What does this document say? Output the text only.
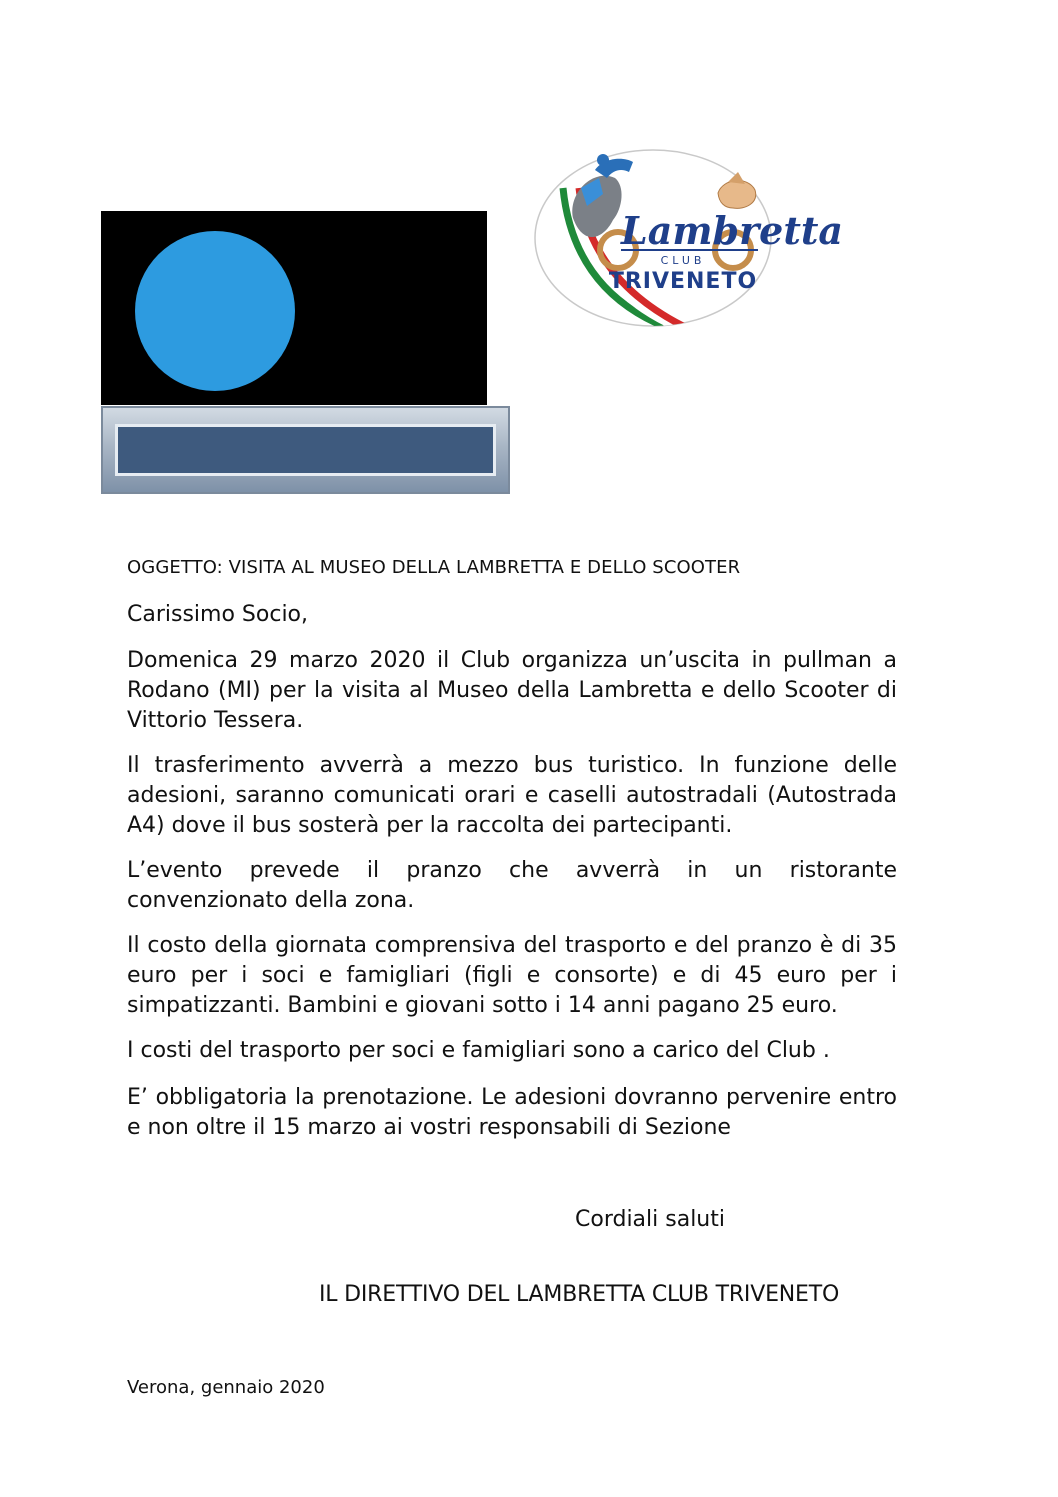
Lambretta
CLUB
TRIVENETO
OGGETTO: VISITA AL MUSEO DELLA LAMBRETTA E DELLO SCOOTER

Carissimo Socio,

Domenica 29 marzo 2020 il Club organizza un’uscita in pullman a Rodano (MI) per la visita al Museo della Lambretta e dello Scooter di Vittorio Tessera.

Il trasferimento avverrà a mezzo bus turistico. In funzione delle adesioni, saranno comunicati orari e caselli autostradali (Autostrada A4) dove il bus sosterà per la raccolta dei partecipanti.

L’evento prevede il pranzo che avverrà in un ristorante convenzionato della zona.

Il costo della giornata comprensiva del trasporto e del pranzo è di 35 euro per i soci e famigliari (figli e consorte) e di 45 euro per i simpatizzanti. Bambini e giovani sotto i 14 anni pagano 25 euro.

I costi del trasporto per soci e famigliari sono a carico del Club .

E’ obbligatoria la prenotazione. Le adesioni dovranno pervenire entro e non oltre il 15 marzo ai vostri responsabili di Sezione

Cordiali saluti
IL DIRETTIVO DEL LAMBRETTA CLUB TRIVENETO
Verona, gennaio 2020
